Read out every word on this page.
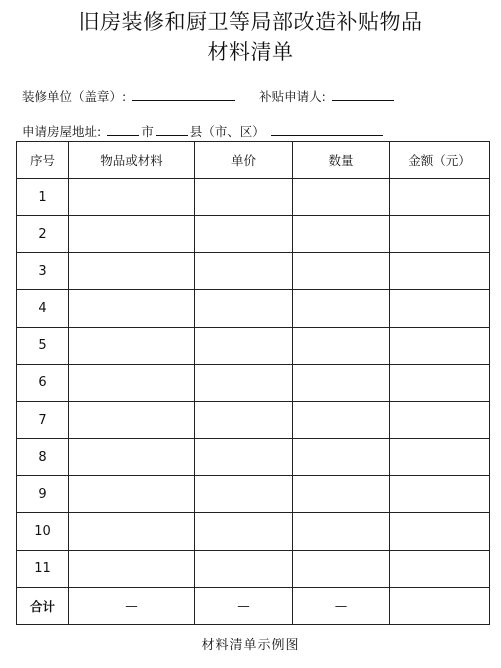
旧房装修和厨卫等局部改造补贴物品
材料清单
装修单位（盖章）:	补贴申请人:
申请房屋地址:	市	县（市、区）
序号	物品或材料	单价	数量	金额（元）
1				
2				
3				
4				
5				
6				
7				
8				
9				
10				
11				
合计	—	—	—	
材料清单示例图
